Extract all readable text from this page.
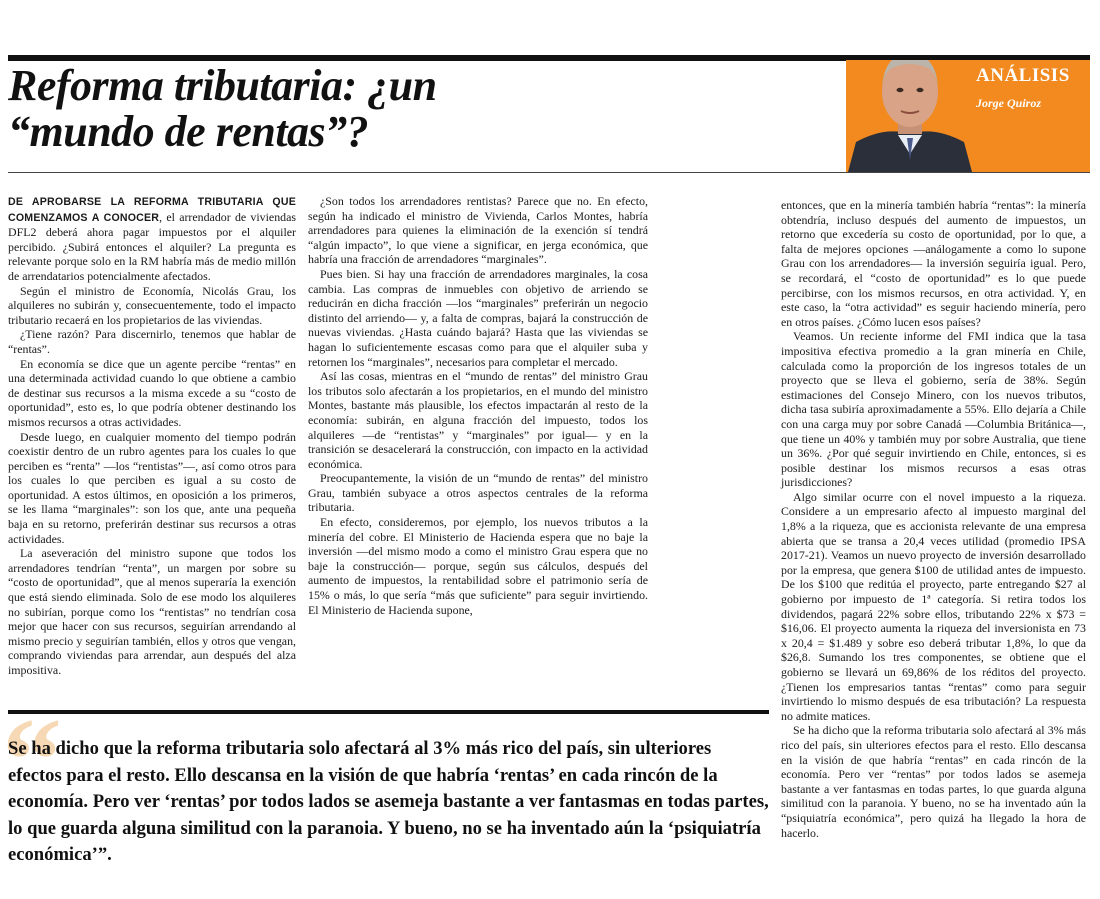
Reforma tributaria: ¿un
“mundo de rentas”?
ANÁLISIS
Jorge Quiroz

DE APROBARSE LA REFORMA TRIBUTARIA QUE COMENZAMOS A CONOCER, el arrendador de viviendas DFL2 deberá ahora pagar impuestos por el alquiler percibido. ¿Subirá entonces el alquiler? La pregunta es relevante porque solo en la RM habría más de medio millón de arrendatarios potencialmente afectados.

Según el ministro de Economía, Nicolás Grau, los alquileres no subirán y, consecuentemente, todo el impacto tributario recaerá en los propietarios de las viviendas.

¿Tiene razón? Para discernirlo, tenemos que hablar de “rentas”.

En economía se dice que un agente percibe “rentas” en una determinada actividad cuando lo que obtiene a cambio de destinar sus recursos a la misma excede a su “costo de oportunidad”, esto es, lo que podría obtener destinando los mismos recursos a otras actividades.

Desde luego, en cualquier momento del tiempo podrán coexistir dentro de un rubro agentes para los cuales lo que perciben es “renta” —los “rentistas”—, así como otros para los cuales lo que perciben es igual a su costo de oportunidad. A estos últimos, en oposición a los primeros, se les llama “marginales”: son los que, ante una pequeña baja en su retorno, preferirán destinar sus recursos a otras actividades.

La aseveración del ministro supone que todos los arrendadores tendrían “renta”, un margen por sobre su “costo de oportunidad”, que al menos superaría la exención que está siendo eliminada. Solo de ese modo los alquileres no subirían, porque como los “rentistas” no tendrían cosa mejor que hacer con sus recursos, seguirían arrendando al mismo precio y seguirían también, ellos y otros que vengan, comprando viviendas para arrendar, aun después del alza impositiva.

¿Son todos los arrendadores rentistas? Parece que no. En efecto, según ha indicado el ministro de Vivienda, Carlos Montes, habría arrendadores para quienes la eliminación de la exención sí tendrá “algún impacto”, lo que viene a significar, en jerga económica, que habría una fracción de arrendadores “marginales”.

Pues bien. Si hay una fracción de arrendadores marginales, la cosa cambia. Las compras de inmuebles con objetivo de arriendo se reducirán en dicha fracción —los “marginales” preferirán un negocio distinto del arriendo— y, a falta de compras, bajará la construcción de nuevas viviendas. ¿Hasta cuándo bajará? Hasta que las viviendas se hagan lo suficientemente escasas como para que el alquiler suba y retornen los “marginales”, necesarios para completar el mercado.

Así las cosas, mientras en el “mundo de rentas” del ministro Grau los tributos solo afectarán a los propietarios, en el mundo del ministro Montes, bastante más plausible, los efectos impactarán al resto de la economía: subirán, en alguna fracción del impuesto, todos los alquileres —de “rentistas” y “marginales” por igual— y en la transición se desacelerará la construcción, con impacto en la actividad económica.

Preocupantemente, la visión de un “mundo de rentas” del ministro Grau, también subyace a otros aspectos centrales de la reforma tributaria.

En efecto, consideremos, por ejemplo, los nuevos tributos a la minería del cobre. El Ministerio de Hacienda espera que no baje la inversión —del mismo modo a como el ministro Grau espera que no baje la construcción— porque, según sus cálculos, después del aumento de impuestos, la rentabilidad sobre el patrimonio sería de 15% o más, lo que sería “más que suficiente” para seguir invirtiendo. El Ministerio de Hacienda supone,

entonces, que en la minería también habría “rentas”: la minería obtendría, incluso después del aumento de impuestos, un retorno que excedería su costo de oportunidad, por lo que, a falta de mejores opciones —análogamente a como lo supone Grau con los arrendadores— la inversión seguiría igual. Pero, se recordará, el “costo de oportunidad” es lo que puede percibirse, con los mismos recursos, en otra actividad. Y, en este caso, la “otra actividad” es seguir haciendo minería, pero en otros países. ¿Cómo lucen esos países?

Veamos. Un reciente informe del FMI indica que la tasa impositiva efectiva promedio a la gran minería en Chile, calculada como la proporción de los ingresos totales de un proyecto que se lleva el gobierno, sería de 38%. Según estimaciones del Consejo Minero, con los nuevos tributos, dicha tasa subiría aproximadamente a 55%. Ello dejaría a Chile con una carga muy por sobre Canadá —Columbia Británica—, que tiene un 40% y también muy por sobre Australia, que tiene un 36%. ¿Por qué seguir invirtiendo en Chile, entonces, si es posible destinar los mismos recursos a esas otras jurisdicciones?

Algo similar ocurre con el novel impuesto a la riqueza. Considere a un empresario afecto al impuesto marginal del 1,8% a la riqueza, que es accionista relevante de una empresa abierta que se transa a 20,4 veces utilidad (promedio IPSA 2017-21). Veamos un nuevo proyecto de inversión desarrollado por la empresa, que genera $100 de utilidad antes de impuesto. De los $100 que reditúa el proyecto, parte entregando $27 al gobierno por impuesto de 1ª categoría. Si retira todos los dividendos, pagará 22% sobre ellos, tributando 22% x $73 = $16,06. El proyecto aumenta la riqueza del inversionista en 73 x 20,4 = $1.489 y sobre eso deberá tributar 1,8%, lo que da $26,8. Sumando los tres componentes, se obtiene que el gobierno se llevará un 69,86% de los réditos del proyecto. ¿Tienen los empresarios tantas “rentas” como para seguir invirtiendo lo mismo después de esa tributación? La respuesta no admite matices.

Se ha dicho que la reforma tributaria solo afectará al 3% más rico del país, sin ulteriores efectos para el resto. Ello descansa en la visión de que habría “rentas” en cada rincón de la economía. Pero ver “rentas” por todos lados se asemeja bastante a ver fantasmas en todas partes, lo que guarda alguna similitud con la paranoia. Y bueno, no se ha inventado aún la “psiquiatría económica”, pero quizá ha llegado la hora de hacerlo.

“

Se ha dicho que la reforma tributaria solo afectará al 3% más rico del país, sin ulteriores efectos para el resto. Ello descansa en la visión de que habría ‘rentas’ en cada rincón de la economía. Pero ver ‘rentas’ por todos lados se asemeja bastante a ver fantasmas en todas partes, lo que guarda alguna similitud con la paranoia. Y bueno, no se ha inventado aún la ‘psiquiatría económica’”.
